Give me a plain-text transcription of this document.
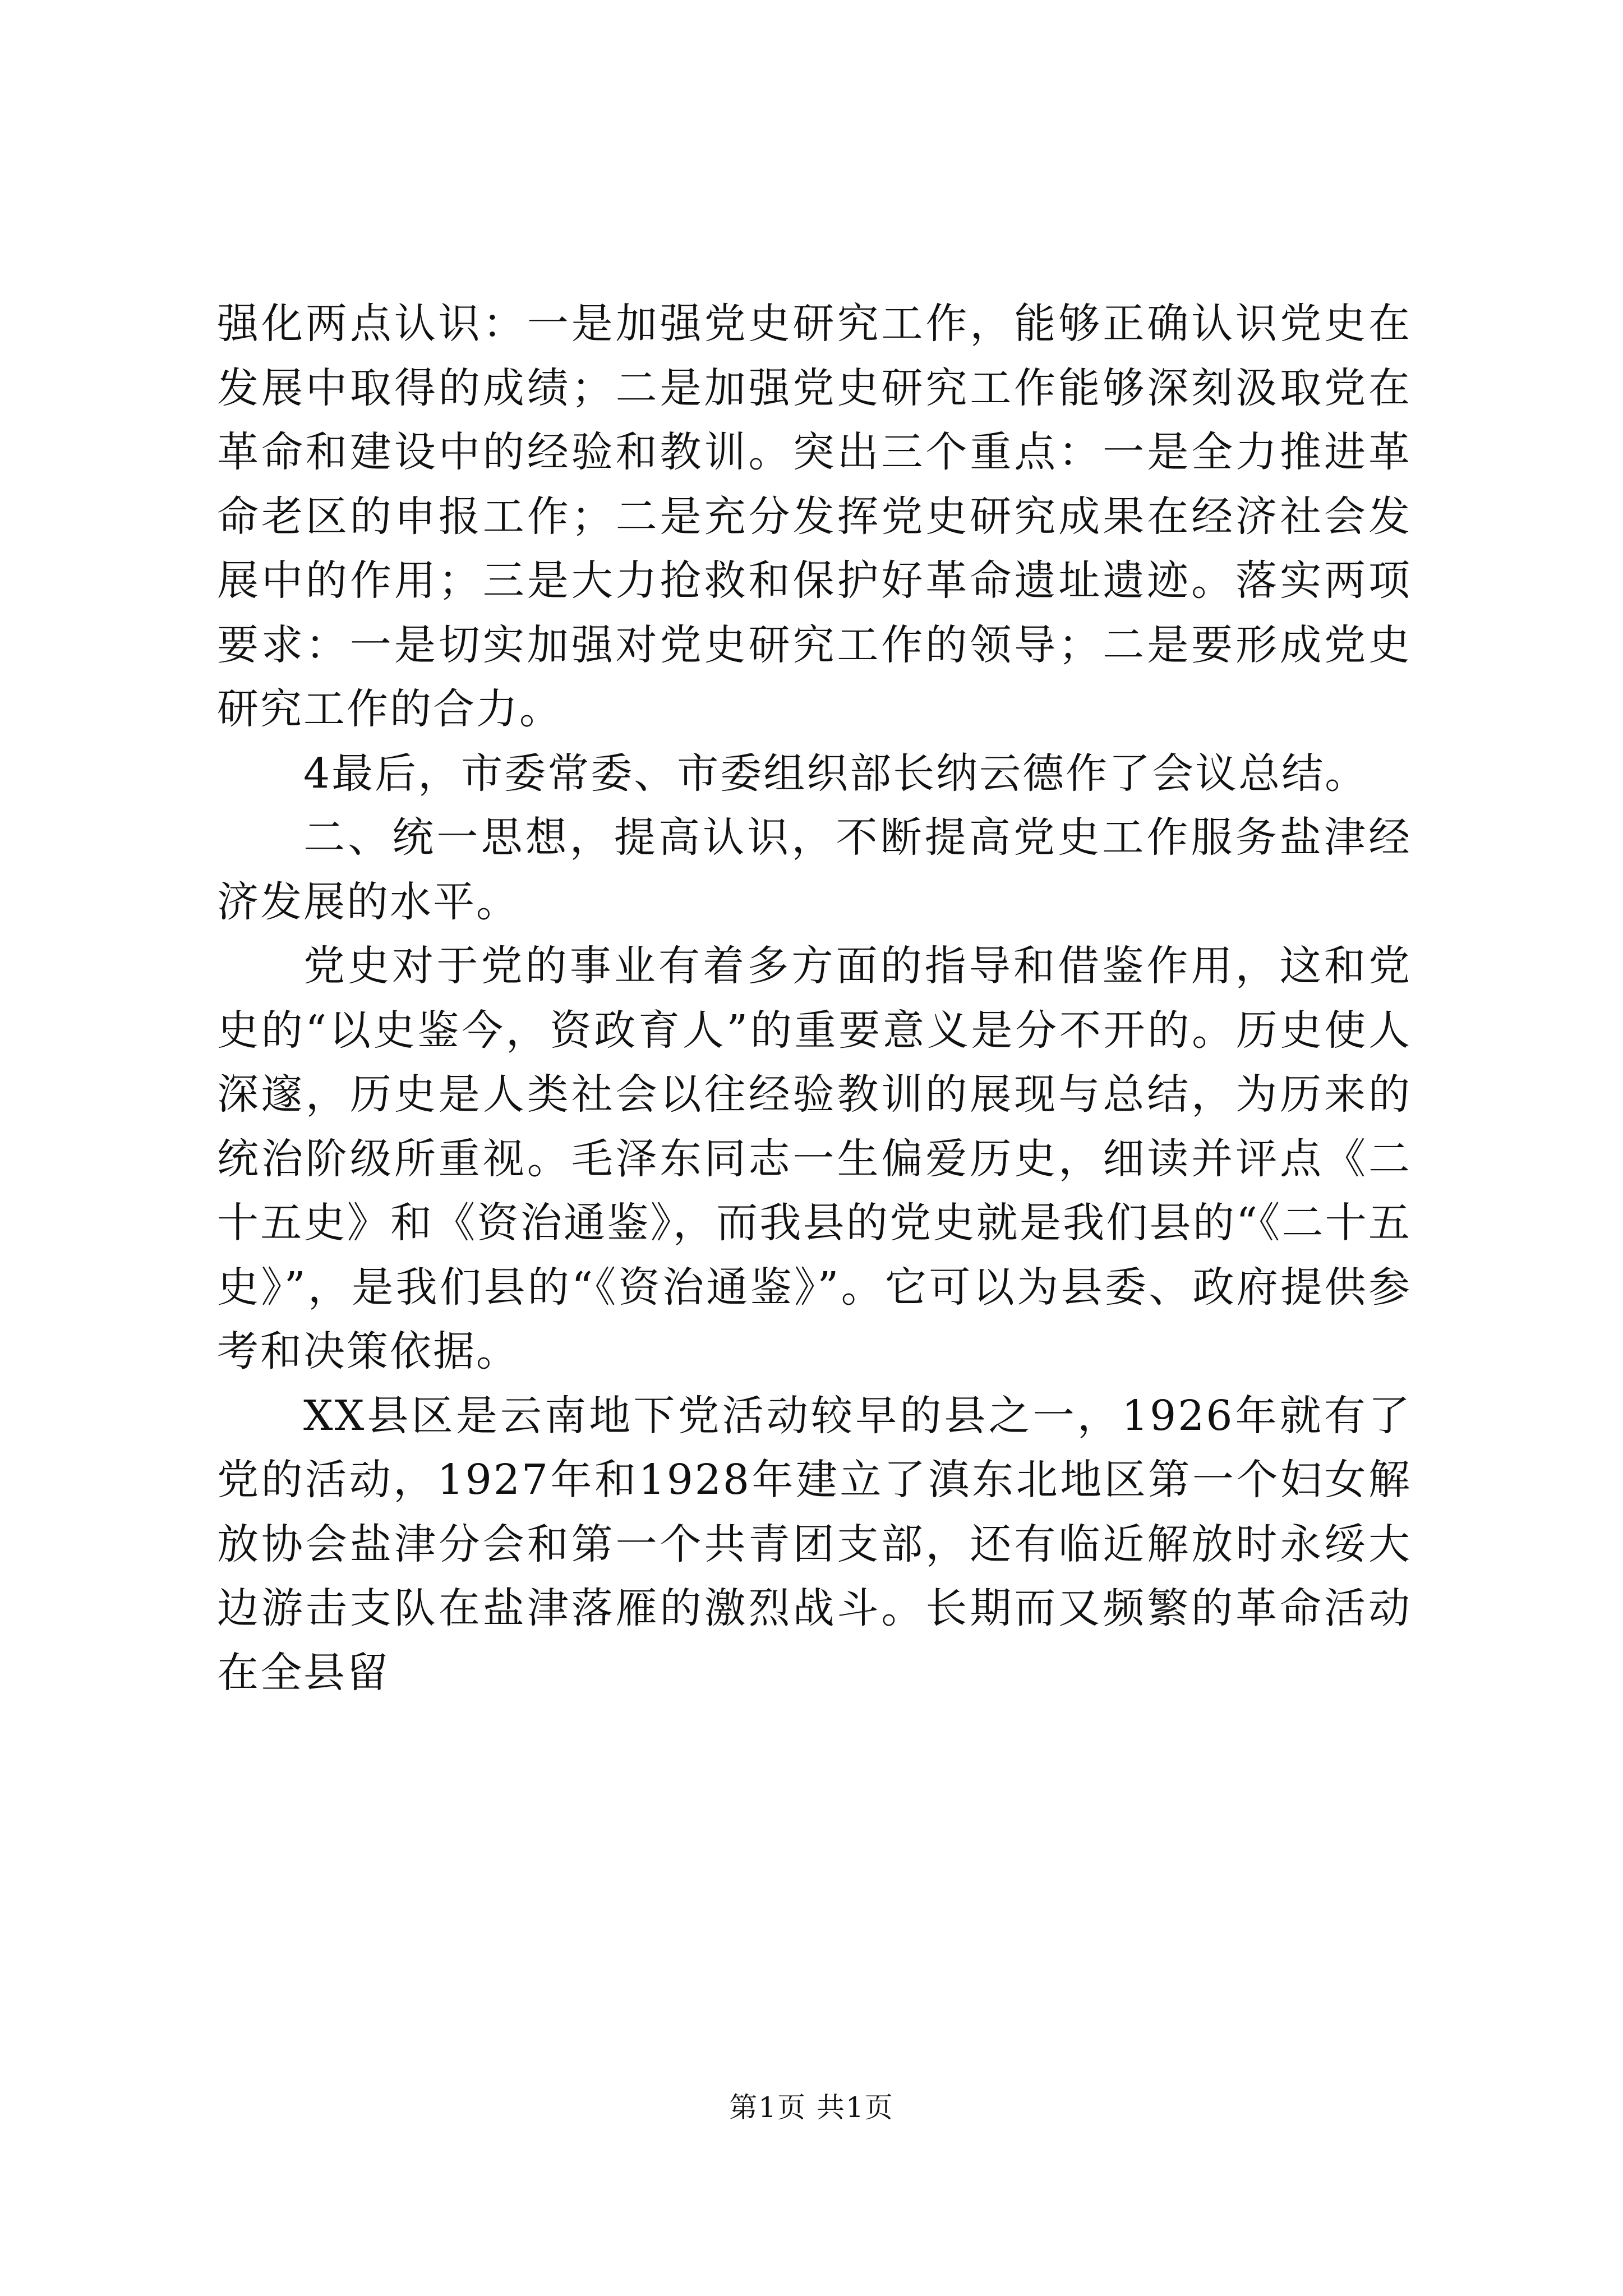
强化两点认识：一是加强党史研究工作，能够正确认识党史在发展中取得的成绩；二是加强党史研究工作能够深刻汲取党在革命和建设中的经验和教训。突出三个重点：一是全力推进革命老区的申报工作；二是充分发挥党史研究成果在经济社会发展中的作用；三是大力抢救和保护好革命遗址遗迹。落实两项要求：一是切实加强对党史研究工作的领导；二是要形成党史研究工作的合力。

4最后，市委常委、市委组织部长纳云德作了会议总结。

二、统一思想，提高认识，不断提高党史工作服务盐津经济发展的水平。

党史对于党的事业有着多方面的指导和借鉴作用，这和党史的“以史鉴今，资政育人”的重要意义是分不开的。历史使人深邃，历史是人类社会以往经验教训的展现与总结，为历来的统治阶级所重视。毛泽东同志一生偏爱历史，细读并评点《二十五史》和《资治通鉴》，而我县的党史就是我们县的“《二十五史》”，是我们县的“《资治通鉴》”。它可以为县委、政府提供参考和决策依据。

XX县区是云南地下党活动较早的县之一，1926年就有了党的活动，1927年和1928年建立了滇东北地区第一个妇女解放协会盐津分会和第一个共青团支部，还有临近解放时永绥大边游击支队在盐津落雁的激烈战斗。长期而又频繁的革命活动在全县留

第1页 共1页
